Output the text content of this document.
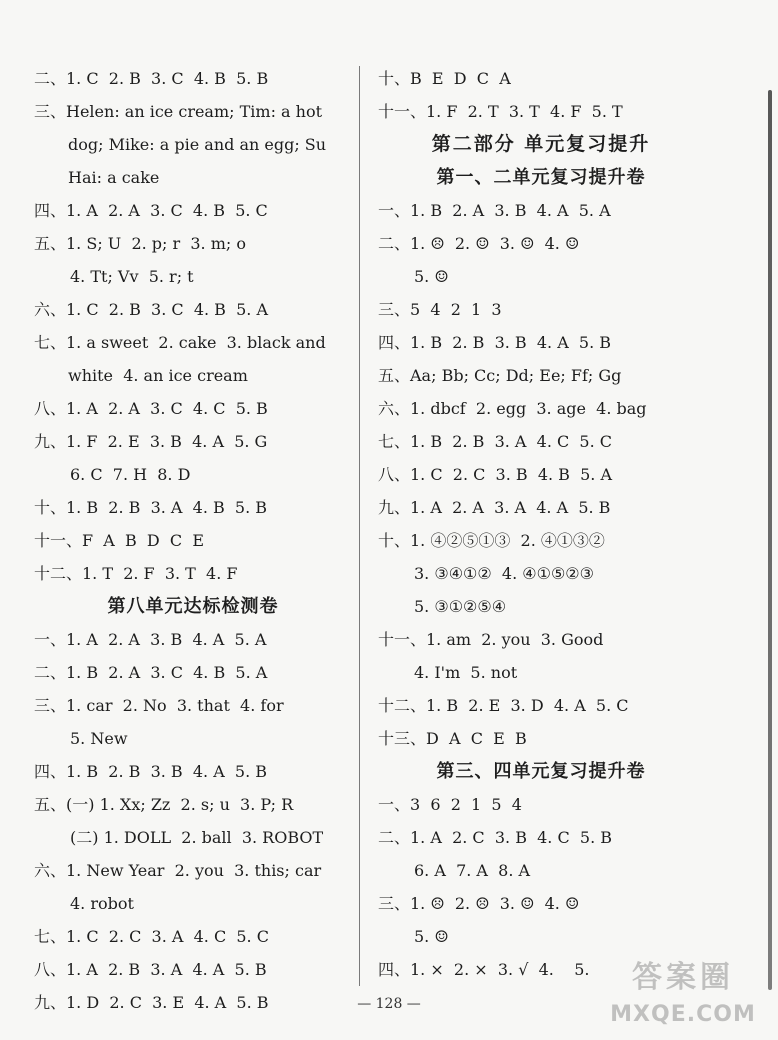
二、1. C  2. B  3. C  4. B  5. B
三、Helen: an ice cream; Tim: a hot
dog; Mike: a pie and an egg; Su
Hai: a cake
四、1. A  2. A  3. C  4. B  5. C
五、1. S; U  2. p; r  3. m; o
4. Tt; Vv  5. r; t
六、1. C  2. B  3. C  4. B  5. A
七、1. a sweet  2. cake  3. black and
white  4. an ice cream
八、1. A  2. A  3. C  4. C  5. B
九、1. F  2. E  3. B  4. A  5. G
6. C  7. H  8. D
十、1. B  2. B  3. A  4. B  5. B
十一、F  A  B  D  C  E
十二、1. T  2. F  3. T  4. F
第八单元达标检测卷
一、1. A  2. A  3. B  4. A  5. A
二、1. B  2. A  3. C  4. B  5. A
三、1. car  2. No  3. that  4. for
5. New
四、1. B  2. B  3. B  4. A  5. B
五、(一) 1. Xx; Zz  2. s; u  3. P; R
(二) 1. DOLL  2. ball  3. ROBOT
六、1. New Year  2. you  3. this; car
4. robot
七、1. C  2. C  3. A  4. C  5. C
八、1. A  2. B  3. A  4. A  5. B
九、1. D  2. C  3. E  4. A  5. B
十、B  E  D  C  A
十一、1. F  2. T  3. T  4. F  5. T
第二部分 单元复习提升
第一、二单元复习提升卷
一、1. B  2. A  3. B  4. A  5. A
二、1. ☹  2. ☺  3. ☺  4. ☺
5. ☺
三、5  4  2  1  3
四、1. B  2. B  3. B  4. A  5. B
五、Aa; Bb; Cc; Dd; Ee; Ff; Gg
六、1. dbcf  2. egg  3. age  4. bag
七、1. B  2. B  3. A  4. C  5. C
八、1. C  2. C  3. B  4. B  5. A
九、1. A  2. A  3. A  4. A  5. B
十、1. ④②⑤①③  2. ④①③②
3. ③④①②  4. ④①⑤②③
5. ③①②⑤④
十一、1. am  2. you  3. Good
4. I'm  5. not
十二、1. B  2. E  3. D  4. A  5. C
十三、D  A  C  E  B
第三、四单元复习提升卷
一、3  6  2  1  5  4
二、1. A  2. C  3. B  4. C  5. B
6. A  7. A  8. A
三、1. ☹  2. ☹  3. ☺  4. ☺
5. ☺
四、1. ×  2. ×  3. √  4.    5.
— 128 —
答案圈
MXQE.COM
